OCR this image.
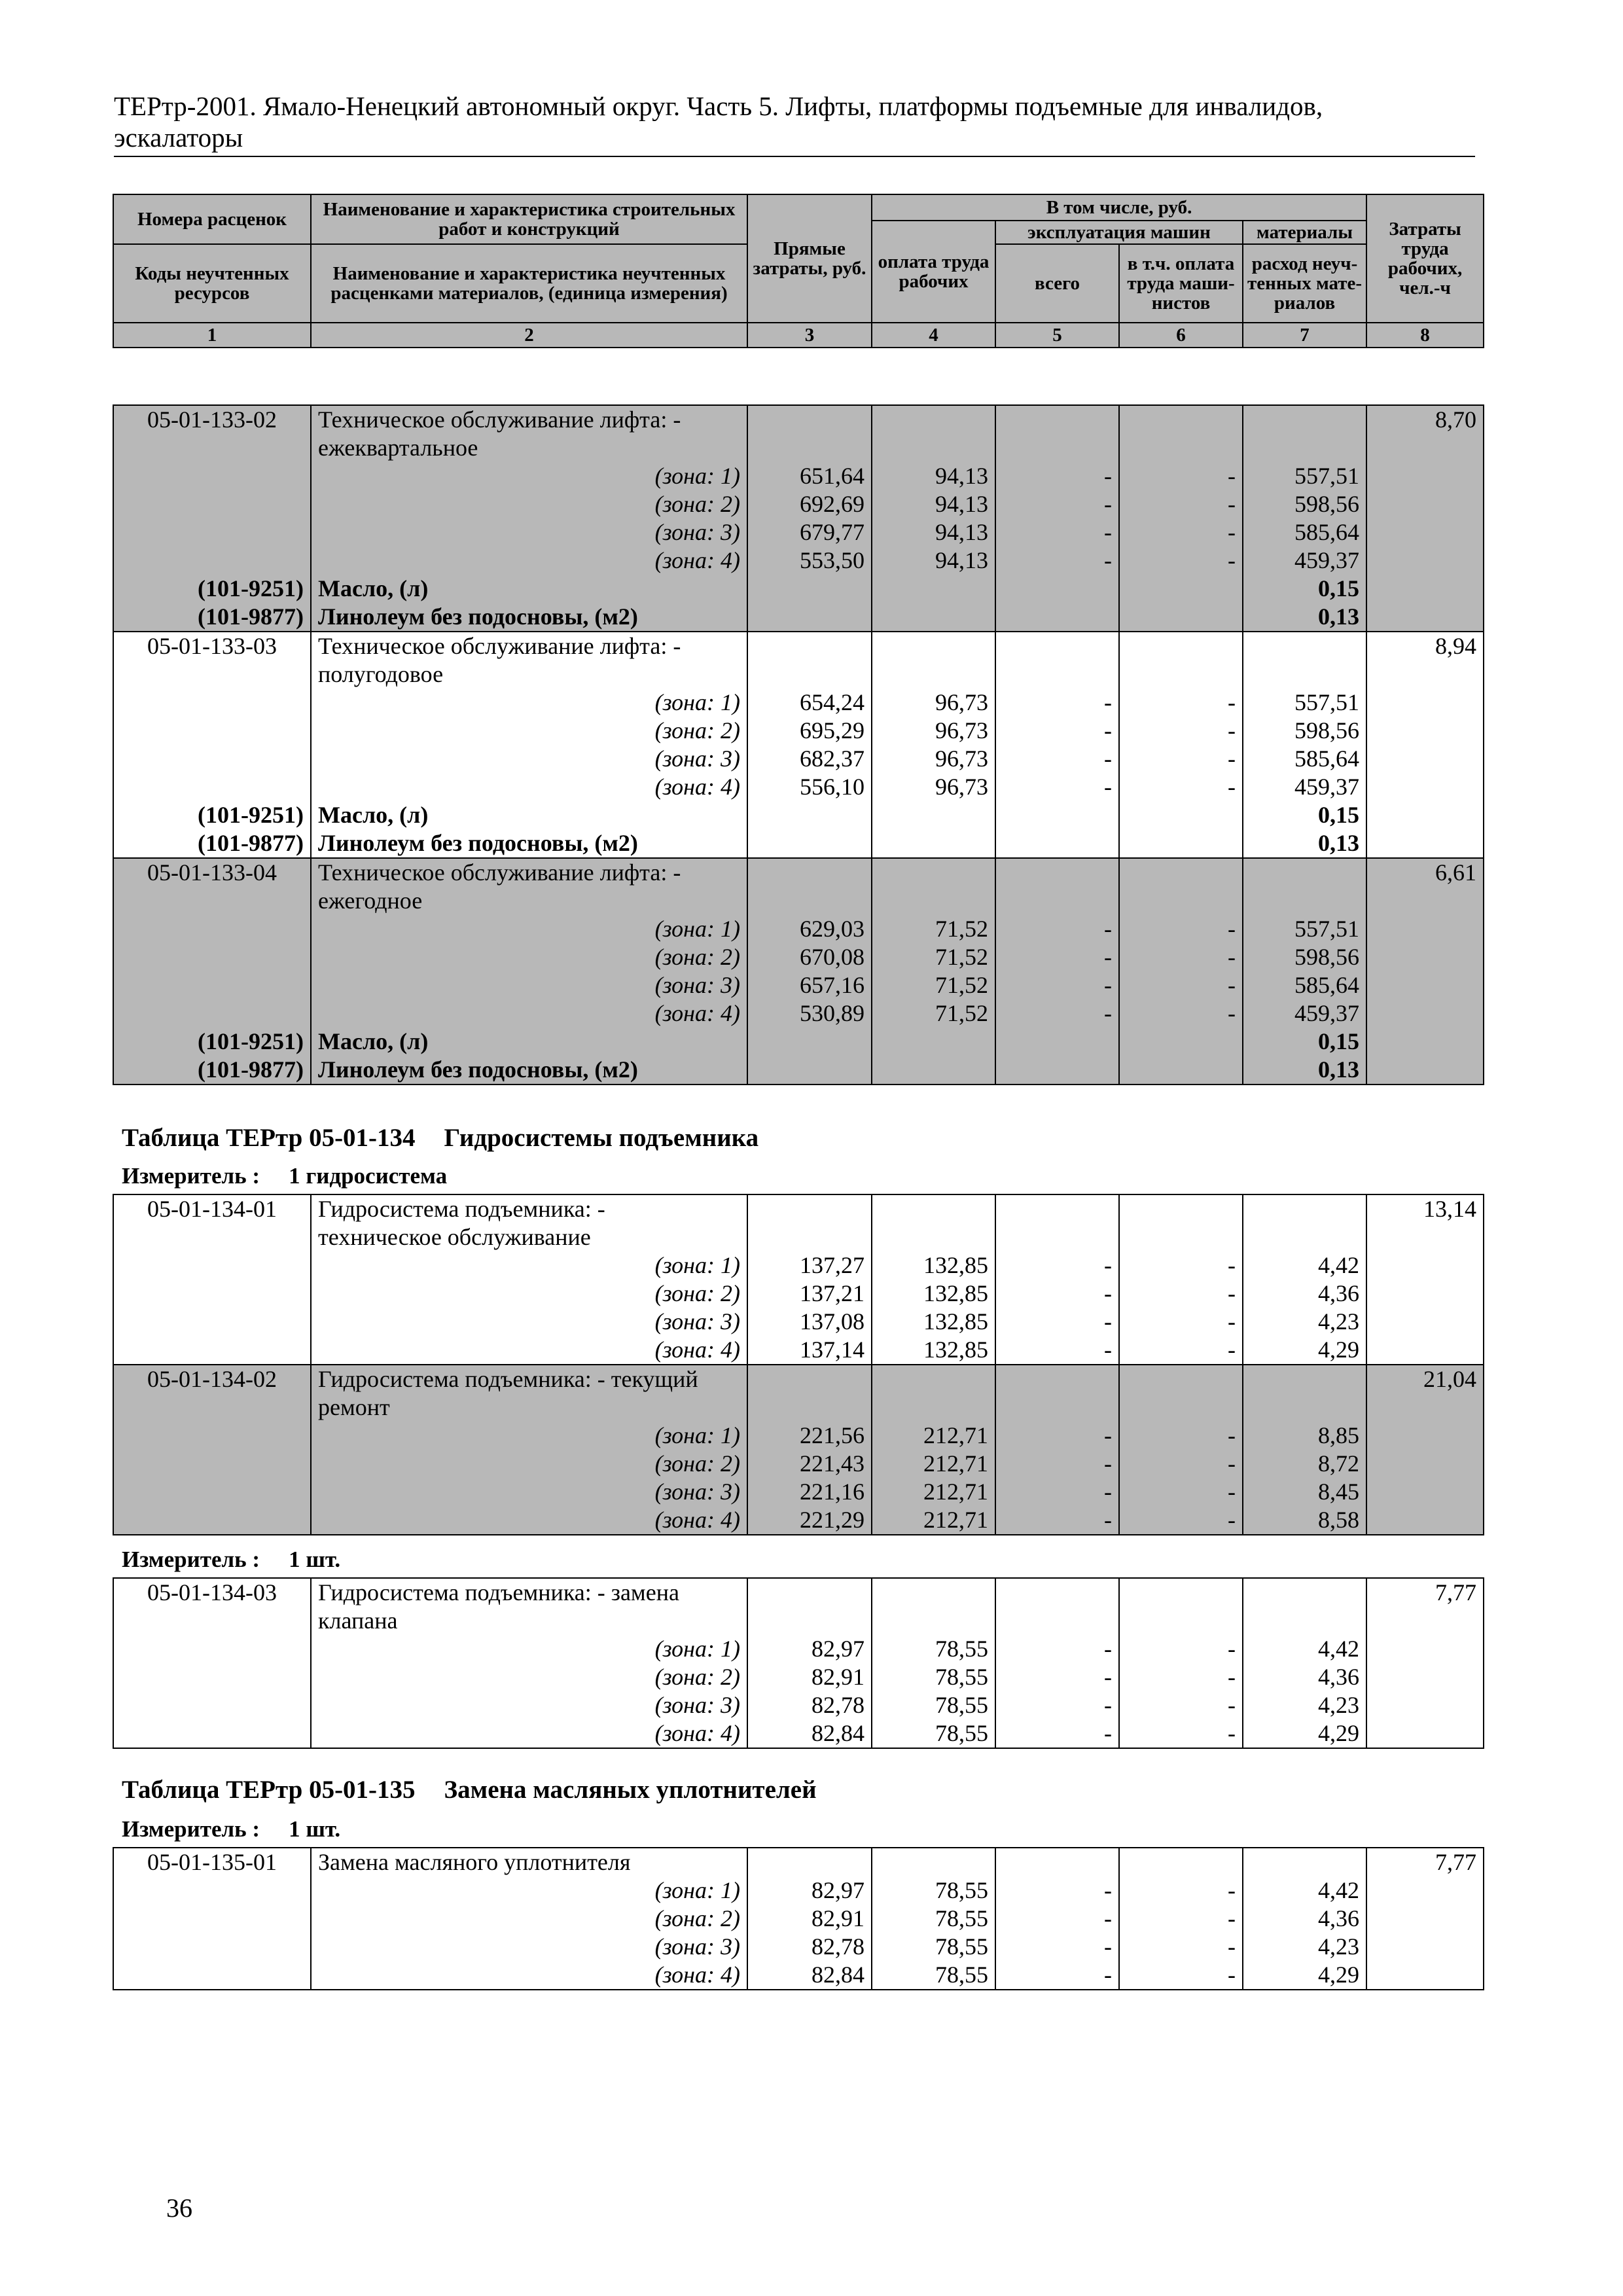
ТЕРтр-2001. Ямало-Ненецкий автономный округ. Часть 5. Лифты, платформы подъемные для инвалидов,
эскалаторы
Номера расценок	Наименование и характеристика строительных работ и конструкций	Прямые затраты, руб.	В том числе, руб.				Затраты труда рабочих, чел.-ч
			оплата труда рабочих	эксплуатация машин		материалы	
Коды неучтенных ресурсов	Наименование и характеристика неучтенных расценками материалов, (единица измерения)			всего	в т.ч. оплата труда маши-нистов	расход неуч-тенных мате-риалов	

1	2	3	4	5	6	7	8
05-01-133-02	Техническое обслуживание лифта: -						8,70
	ежеквартальное						
	(зона: 1)	651,64	94,13	-	-	557,51	
	(зона: 2)	692,69	94,13	-	-	598,56	
	(зона: 3)	679,77	94,13	-	-	585,64	
	(зона: 4)	553,50	94,13	-	-	459,37	
(101-9251)	Масло, (л)					0,15	
(101-9877)	Линолеум без подосновы, (м2)					0,13	
05-01-133-03	Техническое обслуживание лифта: -						8,94
	полугодовое						
	(зона: 1)	654,24	96,73	-	-	557,51	
	(зона: 2)	695,29	96,73	-	-	598,56	
	(зона: 3)	682,37	96,73	-	-	585,64	
	(зона: 4)	556,10	96,73	-	-	459,37	
(101-9251)	Масло, (л)					0,15	
(101-9877)	Линолеум без подосновы, (м2)					0,13	
05-01-133-04	Техническое обслуживание лифта: -						6,61
	ежегодное						
	(зона: 1)	629,03	71,52	-	-	557,51	
	(зона: 2)	670,08	71,52	-	-	598,56	
	(зона: 3)	657,16	71,52	-	-	585,64	
	(зона: 4)	530,89	71,52	-	-	459,37	
(101-9251)	Масло, (л)					0,15	
(101-9877)	Линолеум без подосновы, (м2)					0,13	
Таблица ТЕРтр 05-01-134 Гидросистемы подъемника
Измеритель : 1 гидросистема
05-01-134-01	Гидросистема подъемника: -						13,14
	техническое обслуживание						
	(зона: 1)	137,27	132,85	-	-	4,42	
	(зона: 2)	137,21	132,85	-	-	4,36	
	(зона: 3)	137,08	132,85	-	-	4,23	
	(зона: 4)	137,14	132,85	-	-	4,29	
05-01-134-02	Гидросистема подъемника: - текущий						21,04
	ремонт						
	(зона: 1)	221,56	212,71	-	-	8,85	
	(зона: 2)	221,43	212,71	-	-	8,72	
	(зона: 3)	221,16	212,71	-	-	8,45	
	(зона: 4)	221,29	212,71	-	-	8,58	
Измеритель : 1 шт.
05-01-134-03	Гидросистема подъемника: - замена						7,77
	клапана						
	(зона: 1)	82,97	78,55	-	-	4,42	
	(зона: 2)	82,91	78,55	-	-	4,36	
	(зона: 3)	82,78	78,55	-	-	4,23	
	(зона: 4)	82,84	78,55	-	-	4,29	
Таблица ТЕРтр 05-01-135 Замена масляных уплотнителей
Измеритель : 1 шт.
05-01-135-01	Замена масляного уплотнителя						7,77
	(зона: 1)	82,97	78,55	-	-	4,42	
	(зона: 2)	82,91	78,55	-	-	4,36	
	(зона: 3)	82,78	78,55	-	-	4,23	
	(зона: 4)	82,84	78,55	-	-	4,29	
36
